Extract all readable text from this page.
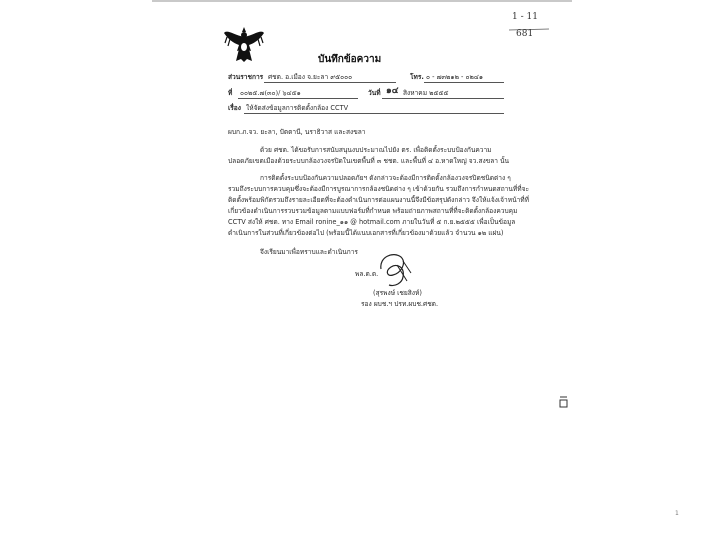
1 - 11
681
บันทึกข้อความ
ส่วนราชการ ศชต. อ.เมือง จ.ยะลา ๙๕๐๐๐	โทร. ๐ - ๗๓๒๑๒ - ๐๒๔๑
ที่ ๐๐๒๕.๗(๓๐)/ ๖๔๕๑	วันที่ ๑๔ สิงหาคม ๒๕๕๕
เรื่อง ให้จัดส่งข้อมูลการติดตั้งกล้อง CCTV
ผบก.ภ.จว. ยะลา, ปัตตานี, นราธิวาส และสงขลา
ด้วย ศชต. ได้ขอรับการสนับสนุนงบประมาณไปยัง ตร. เพื่อติดตั้งระบบป้องกันความ
ปลอดภัยเขตเมืองด้วยระบบกล้องวงจรปิดในเขตพื้นที่ ๓ ชชต. และพื้นที่ ๔ อ.หาดใหญ่ จว.สงขลา นั้น
การติดตั้งระบบป้องกันความปลอดภัยฯ ดังกล่าวจะต้องมีการติดตั้งกล้องวงจรปิดชนิดต่าง ๆ
รวมถึงระบบการควบคุมซึ่งจะต้องมีการบูรณาการกล้องชนิดต่าง ๆ เข้าด้วยกัน รวมถึงการกำหนดสถานที่ที่จะ
ติดตั้งพร้อมพิกัดรวมถึงรายละเอียดที่จะต้องดำเนินการต่อแผนงานนี้จึงมีข้อสรุปดังกล่าว จึงให้แจ้งเจ้าหน้าที่ที่
เกี่ยวข้องดำเนินการรวบรวมข้อมูลตามแบบฟอร์มที่กำหนด พร้อมถ่ายภาพสถานที่ที่จะติดตั้งกล้องควบคุม
CCTV ส่งให้ ศชต. ทาง Email ronine_๑๑ @ hotmail.com ภายในวันที่ ๕ ก.ย.๒๕๕๕ เพื่อเป็นข้อมูล
ดำเนินการในส่วนที่เกี่ยวข้องต่อไป (พร้อมนี้ได้แนบเอกสารที่เกี่ยวข้องมาด้วยแล้ว จำนวน ๑๒ แผ่น)
จึงเรียนมาเพื่อทราบและดำเนินการ
พล.ต.ต.
(สุรพงษ์ เชยสิงห์)
รอง ผบช.ฯ ปรท.ผบช.ศชต.
1
